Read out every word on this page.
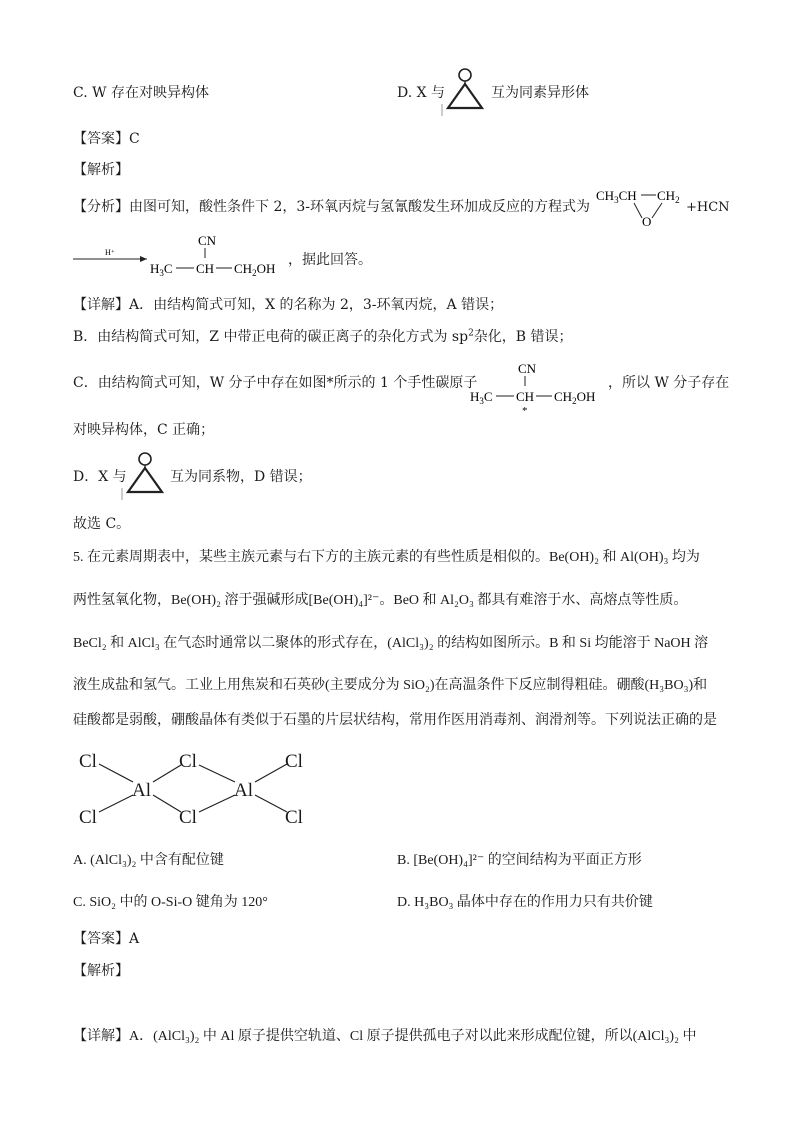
C. W 存在对映异构体	D. X 与	互为同素异形体
【答案】C
【解析】
【分析】由图可知，酸性条件下 2，3-环氧丙烷与氢氰酸发生环加成反应的方程式为
$CH_3CH$ $CH_2$
O
+HCN
H⁺
CN
$H_3C$ CH $CH_2OH$
，据此回答。
【详解】A．由结构简式可知，X 的名称为 2，3-环氧丙烷，A 错误；
B．由结构简式可知，Z 中带正电荷的碳正离子的杂化方式为 $sp^2$杂化，B 错误；
C．由结构简式可知，W 分子中存在如图*所示的 1 个手性碳原子
CN
$H_3C$ CH $CH_2OH$
*
，所以 W 分子存在
对映异构体，C 正确；
D．X 与	互为同系物，D 错误；
故选 C。
5. 在元素周期表中，某些主族元素与右下方的主族元素的有些性质是相似的。Be(OH)₂ 和 Al(OH)₃ 均为
两性氢氧化物，Be(OH)₂ 溶于强碱形成[Be(OH)₄]²⁻。BeO 和 Al₂O₃ 都具有难溶于水、高熔点等性质。
BeCl₂ 和 AlCl₃ 在气态时通常以二聚体的形式存在，(AlCl₃)₂ 的结构如图所示。B 和 Si 均能溶于 NaOH 溶
液生成盐和氢气。工业上用焦炭和石英砂(主要成分为 SiO₂)在高温条件下反应制得粗硅。硼酸(H₃BO₃)和
硅酸都是弱酸，硼酸晶体有类似于石墨的片层状结构，常用作医用消毒剂、润滑剂等。下列说法正确的是
Cl
Cl
Cl
Cl
Cl
Cl
Al	Al
A. (AlCl₃)₂ 中含有配位键	B. [Be(OH)₄]²⁻ 的空间结构为平面正方形
C. SiO₂ 中的 O-Si-O 键角为 120°	D. H₃BO₃ 晶体中存在的作用力只有共价键
【答案】A
【解析】
【详解】A．(AlCl₃)₂ 中 Al 原子提供空轨道、Cl 原子提供孤电子对以此来形成配位键，所以(AlCl₃)₂ 中
